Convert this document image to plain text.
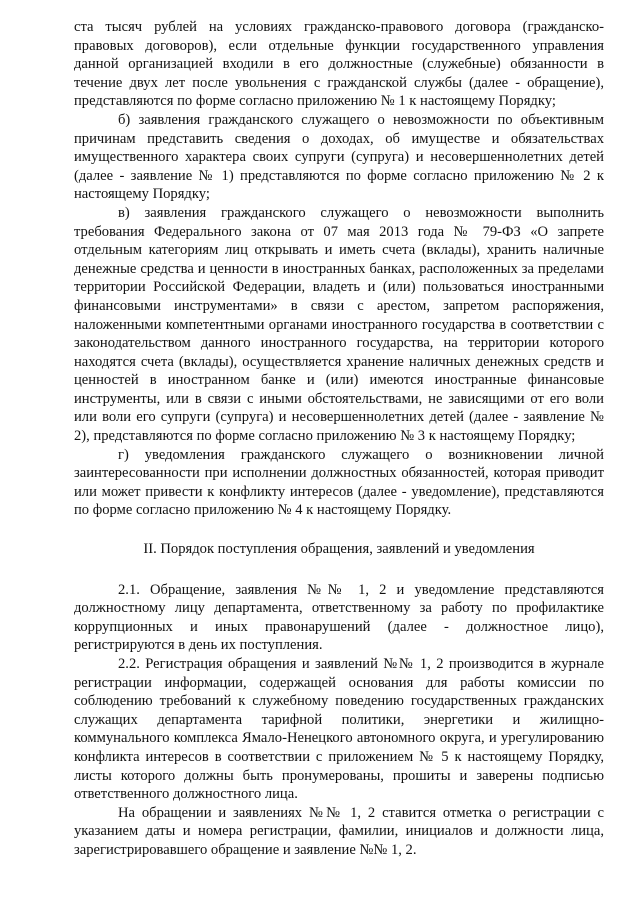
ста тысяч рублей на условиях гражданско-правового договора (гражданско-правовых договоров), если отдельные функции государственного управления данной организацией входили в его должностные (служебные) обязанности в течение двух лет после увольнения с гражданской службы (далее - обращение), представляются по форме согласно приложению № 1 к настоящему Порядку;

б) заявления гражданского служащего о невозможности по объективным причинам представить сведения о доходах, об имуществе и обязательствах имущественного характера своих супруги (супруга) и несовершеннолетних детей (далее - заявление № 1) представляются по форме согласно приложению № 2 к настоящему Порядку;

в) заявления гражданского служащего о невозможности выполнить требования Федерального закона от 07 мая 2013 года № 79-ФЗ «О запрете отдельным категориям лиц открывать и иметь счета (вклады), хранить наличные денежные средства и ценности в иностранных банках, расположенных за пределами территории Российской Федерации, владеть и (или) пользоваться иностранными финансовыми инструментами» в связи с арестом, запретом распоряжения, наложенными компетентными органами иностранного государства в соответствии с законодательством данного иностранного государства, на территории которого находятся счета (вклады), осуществляется хранение наличных денежных средств и ценностей в иностранном банке и (или) имеются иностранные финансовые инструменты, или в связи с иными обстоятельствами, не зависящими от его воли или воли его супруги (супруга) и несовершеннолетних детей (далее - заявление № 2), представляются по форме согласно приложению № 3 к настоящему Порядку;

г) уведомления гражданского служащего о возникновении личной заинтересованности при исполнении должностных обязанностей, которая приводит или может привести к конфликту интересов (далее - уведомление), представляются по форме согласно приложению № 4 к настоящему Порядку.

II. Порядок поступления обращения, заявлений и уведомления

2.1. Обращение, заявления №№ 1, 2 и уведомление представляются должностному лицу департамента, ответственному за работу по профилактике коррупционных и иных правонарушений (далее - должностное лицо), регистрируются в день их поступления.

2.2. Регистрация обращения и заявлений №№ 1, 2 производится в журнале регистрации информации, содержащей основания для работы комиссии по соблюдению требований к служебному поведению государственных гражданских служащих департамента тарифной политики, энергетики и жилищно-коммунального комплекса Ямало-Ненецкого автономного округа, и урегулированию конфликта интересов в соответствии с приложением № 5 к настоящему Порядку, листы которого должны быть пронумерованы, прошиты и заверены подписью ответственного должностного лица.

На обращении и заявлениях №№ 1, 2 ставится отметка о регистрации с указанием даты и номера регистрации, фамилии, инициалов и должности лица, зарегистрировавшего обращение и заявление №№ 1, 2.
